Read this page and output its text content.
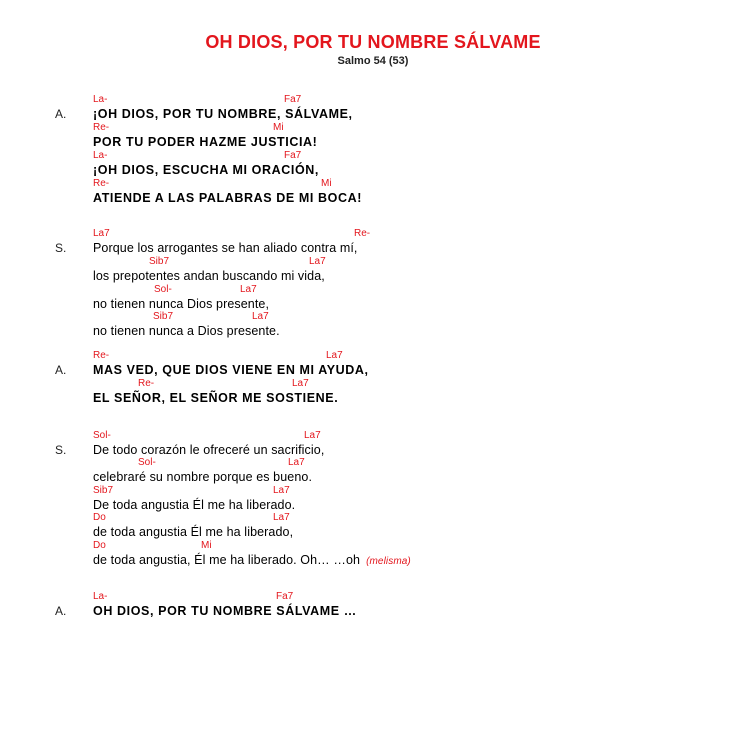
OH DIOS, POR TU NOMBRE SÁLVAME
Salmo 54 (53)
La-	Fa7
A. ¡OH DIOS, POR TU NOMBRE, SÁLVAME,
Re-	Mi
POR TU PODER HAZME JUSTICIA!
La-	Fa7
¡OH DIOS, ESCUCHA MI ORACIÓN,
Re-	Mi
ATIENDE A LAS PALABRAS DE MI BOCA!
La7	Re-
S. Porque los arrogantes se han aliado contra mí,
Sib7	La7
los prepotentes andan buscando mi vida,
Sol-	La7
no tienen nunca Dios presente,
Sib7	La7
no tienen nunca a Dios presente.
Re-	La7
A. MAS VED, QUE DIOS VIENE EN MI AYUDA,
Re-	La7
EL SEÑOR, EL SEÑOR ME SOSTIENE.
Sol-	La7
S. De todo corazón le ofreceré un sacrificio,
Sol-	La7
celebraré su nombre porque es bueno.
Sib7	La7
De toda angustia Él me ha liberado.
Do	La7
de toda angustia Él me ha liberado,
Do	Mi
de toda angustia, Él me ha liberado. Oh… …oh (melisma)
La-	Fa7
A. OH DIOS, POR TU NOMBRE SÁLVAME …
